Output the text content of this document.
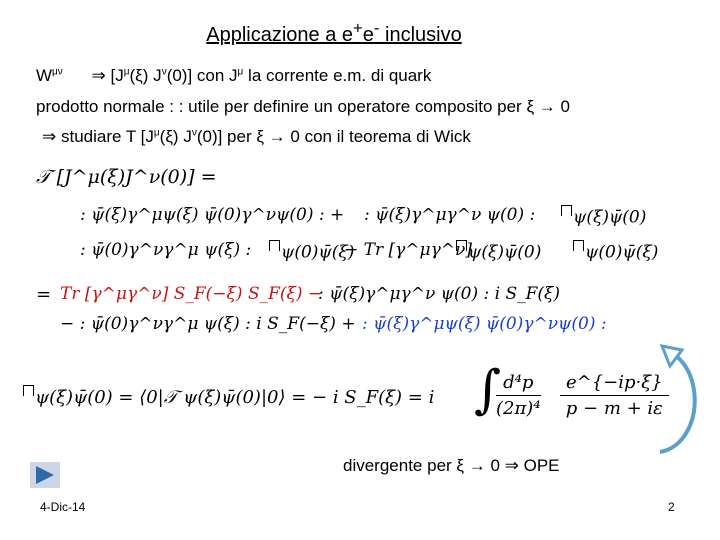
Applicazione a e+e- inclusivo
$W^{\mu\nu}$ ⇒ [$J^\mu(\xi)$ $J^\nu(0)$] con $J^\mu$ la corrente e.m. di quark
prodotto normale : : utile per definire un operatore composito per ξ → 0
⇒ studiare T [$J^\mu(\xi)$ $J^\nu(0)$] per ξ → 0 con il teorema di Wick
𝒯 [J^μ(ξ)J^ν(0)] =
: ψ̄(ξ)γ^μψ(ξ) ψ̄(0)γ^νψ(0) : + : ψ̄(ξ)γ^μγ^ν ψ(0) :	ψ(ξ)ψ̄(0)
: ψ̄(0)γ^νγ^μ ψ(ξ) :	ψ(0)ψ̄(ξ)
− Tr [γ^μγ^ν]
ψ(ξ)ψ̄(0)	ψ(0)ψ̄(ξ)
= Tr [γ^μγ^ν] S_F(−ξ) S_F(ξ) −
: ψ̄(ξ)γ^μγ^ν ψ(0) : i S_F(ξ)
− : ψ̄(0)γ^νγ^μ ψ(ξ) : i S_F(−ξ) + : ψ̄(ξ)γ^μψ(ξ) ψ̄(0)γ^νψ(0) :
ψ(ξ)ψ̄(0) = ⟨0|𝒯 ψ(ξ)ψ̄(0)|0⟩ = − i S_F(ξ) = i ∫
$\frac{\text{d⁴p}}{\text{(2π)⁴}} \frac{e\^{}\{-ip\cdot\xi\}}{p - m + i\varepsilon}$
divergente per ξ → 0 ⇒ OPE
4-Dic-14	2
